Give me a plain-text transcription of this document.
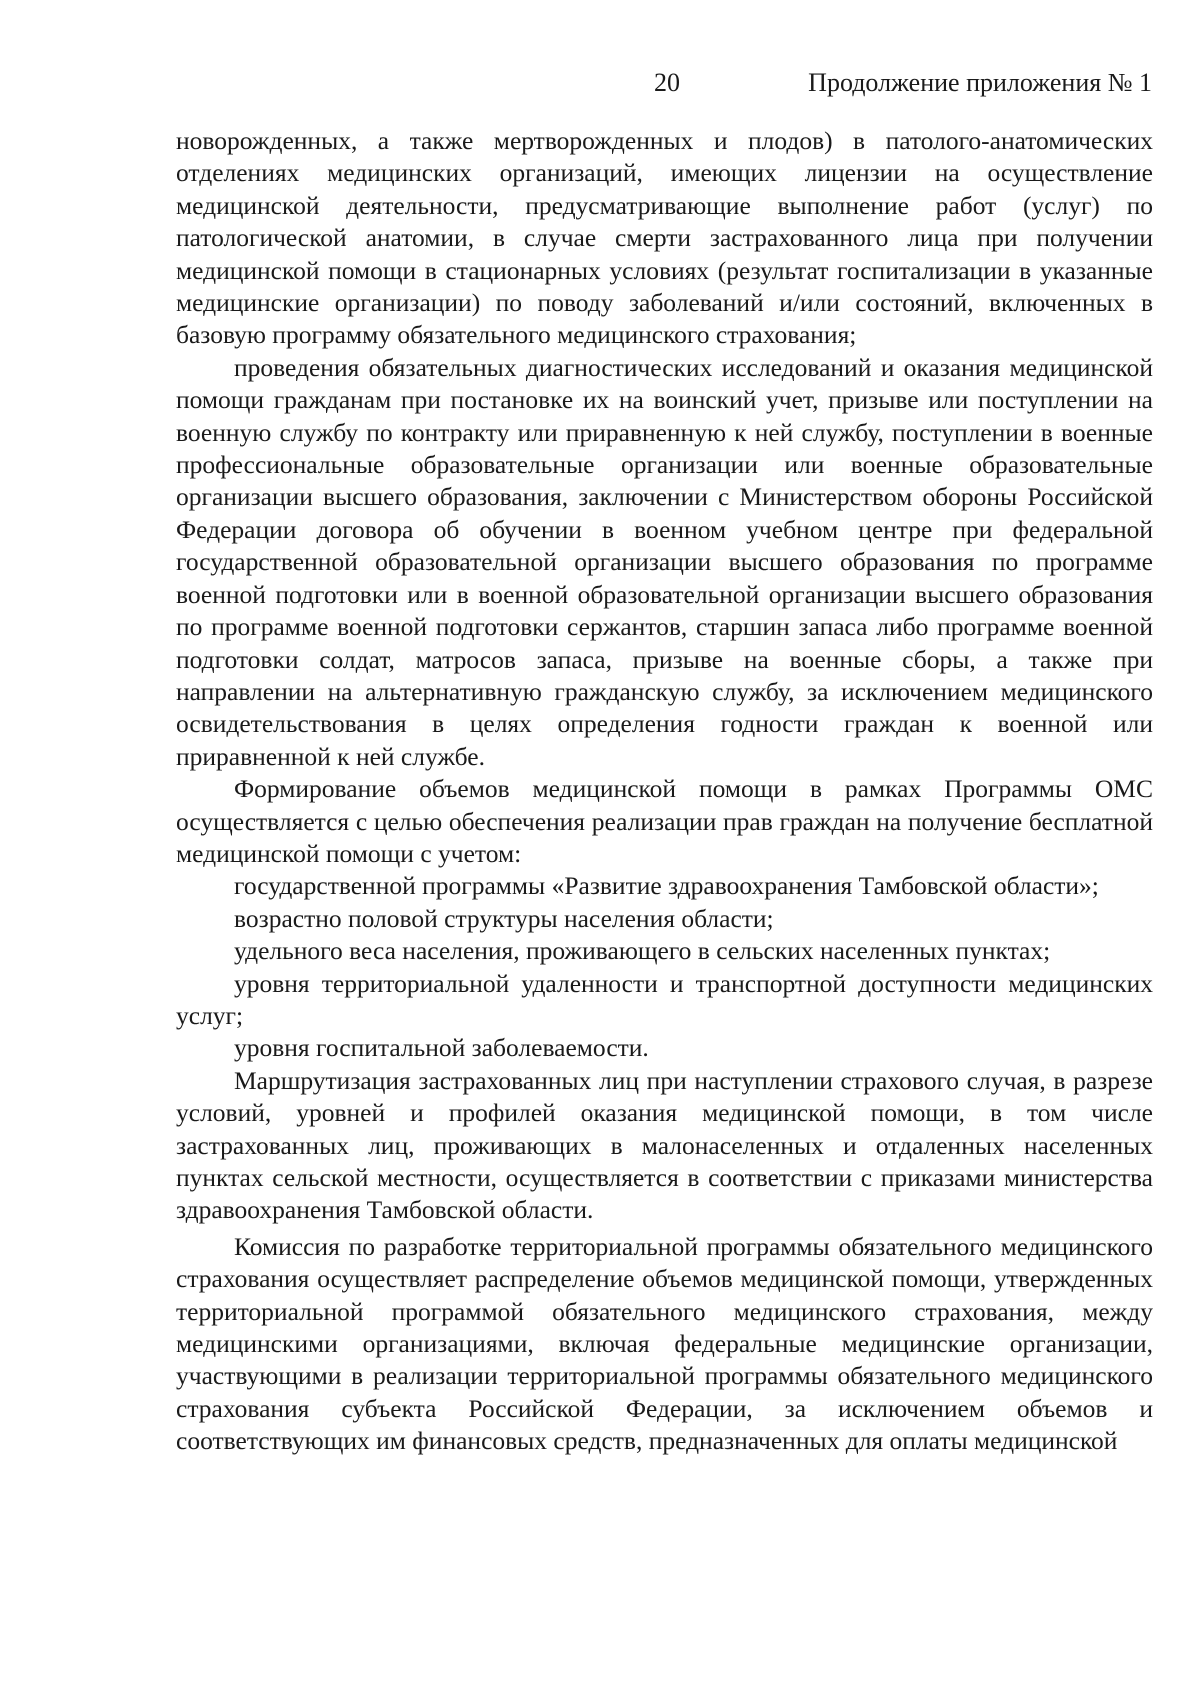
20	Продолжение приложения № 1

новорожденных, а также мертворожденных и плодов) в патолого-анатомических отделениях медицинских организаций, имеющих лицензии на осуществление медицинской деятельности, предусматривающие выполнение работ (услуг) по патологической анатомии, в случае смерти застрахованного лица при получении медицинской помощи в стационарных условиях (результат госпитализации в указанные медицинские организации) по поводу заболеваний и/или состояний, включенных в базовую программу обязательного медицинского страхования;

проведения обязательных диагностических исследований и оказания медицинской помощи гражданам при постановке их на воинский учет, призыве или поступлении на военную службу по контракту или приравненную к ней службу, поступлении в военные профессиональные образовательные организации или военные образовательные организации высшего образования, заключении с Министерством обороны Российской Федерации договора об обучении в военном учебном центре при федеральной государственной образовательной организации высшего образования по программе военной подготовки или в военной образовательной организации высшего образования по программе военной подготовки сержантов, старшин запаса либо программе военной подготовки солдат, матросов запаса, призыве на военные сборы, а также при направлении на альтернативную гражданскую службу, за исключением медицинского освидетельствования в целях определения годности граждан к военной или приравненной к ней службе.

Формирование объемов медицинской помощи в рамках Программы ОМС осуществляется с целью обеспечения реализации прав граждан на получение бесплатной медицинской помощи с учетом:

государственной программы «Развитие здравоохранения Тамбовской области»;

возрастно половой структуры населения области;

удельного веса населения, проживающего в сельских населенных пунктах;

уровня территориальной удаленности и транспортной доступности медицинских услуг;

уровня госпитальной заболеваемости.

Маршрутизация застрахованных лиц при наступлении страхового случая, в разрезе условий, уровней и профилей оказания медицинской помощи, в том числе застрахованных лиц, проживающих в малонаселенных и отдаленных населенных пунктах сельской местности, осуществляется в соответствии с приказами министерства здравоохранения Тамбовской области.

Комиссия по разработке территориальной программы обязательного медицинского страхования осуществляет распределение объемов медицинской помощи, утвержденных территориальной программой обязательного медицинского страхования, между медицинскими организациями, включая федеральные медицинские организации, участвующими в реализации территориальной программы обязательного медицинского страхования субъекта Российской Федерации, за исключением объемов и соответствующих им финансовых средств, предназначенных для оплаты медицинской
